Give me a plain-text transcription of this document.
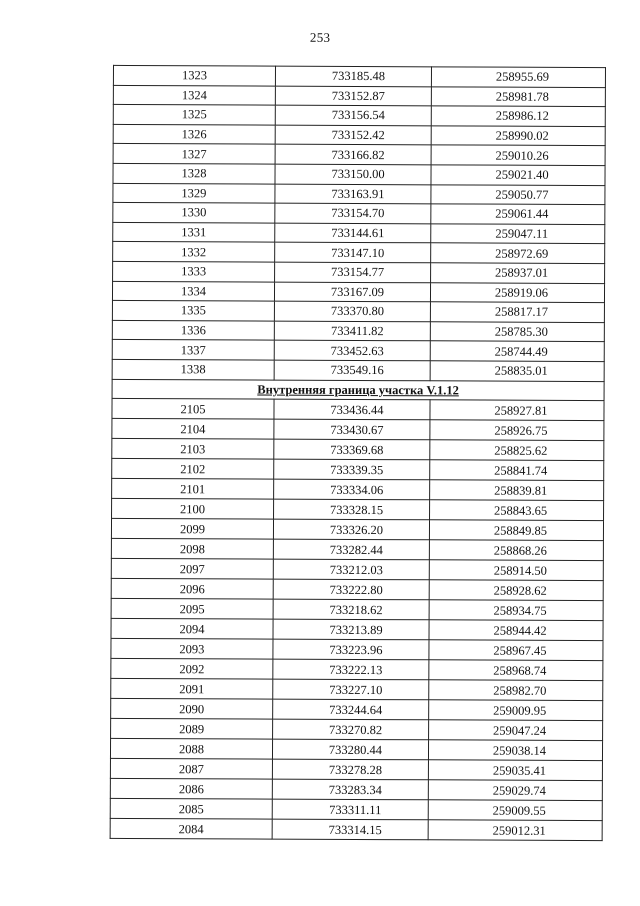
253
1323	733185.48	258955.69
1324	733152.87	258981.78
1325	733156.54	258986.12
1326	733152.42	258990.02
1327	733166.82	259010.26
1328	733150.00	259021.40
1329	733163.91	259050.77
1330	733154.70	259061.44
1331	733144.61	259047.11
1332	733147.10	258972.69
1333	733154.77	258937.01
1334	733167.09	258919.06
1335	733370.80	258817.17
1336	733411.82	258785.30
1337	733452.63	258744.49
1338	733549.16	258835.01
Внутренняя граница участка V.1.12		
2105	733436.44	258927.81
2104	733430.67	258926.75
2103	733369.68	258825.62
2102	733339.35	258841.74
2101	733334.06	258839.81
2100	733328.15	258843.65
2099	733326.20	258849.85
2098	733282.44	258868.26
2097	733212.03	258914.50
2096	733222.80	258928.62
2095	733218.62	258934.75
2094	733213.89	258944.42
2093	733223.96	258967.45
2092	733222.13	258968.74
2091	733227.10	258982.70
2090	733244.64	259009.95
2089	733270.82	259047.24
2088	733280.44	259038.14
2087	733278.28	259035.41
2086	733283.34	259029.74
2085	733311.11	259009.55
2084	733314.15	259012.31
